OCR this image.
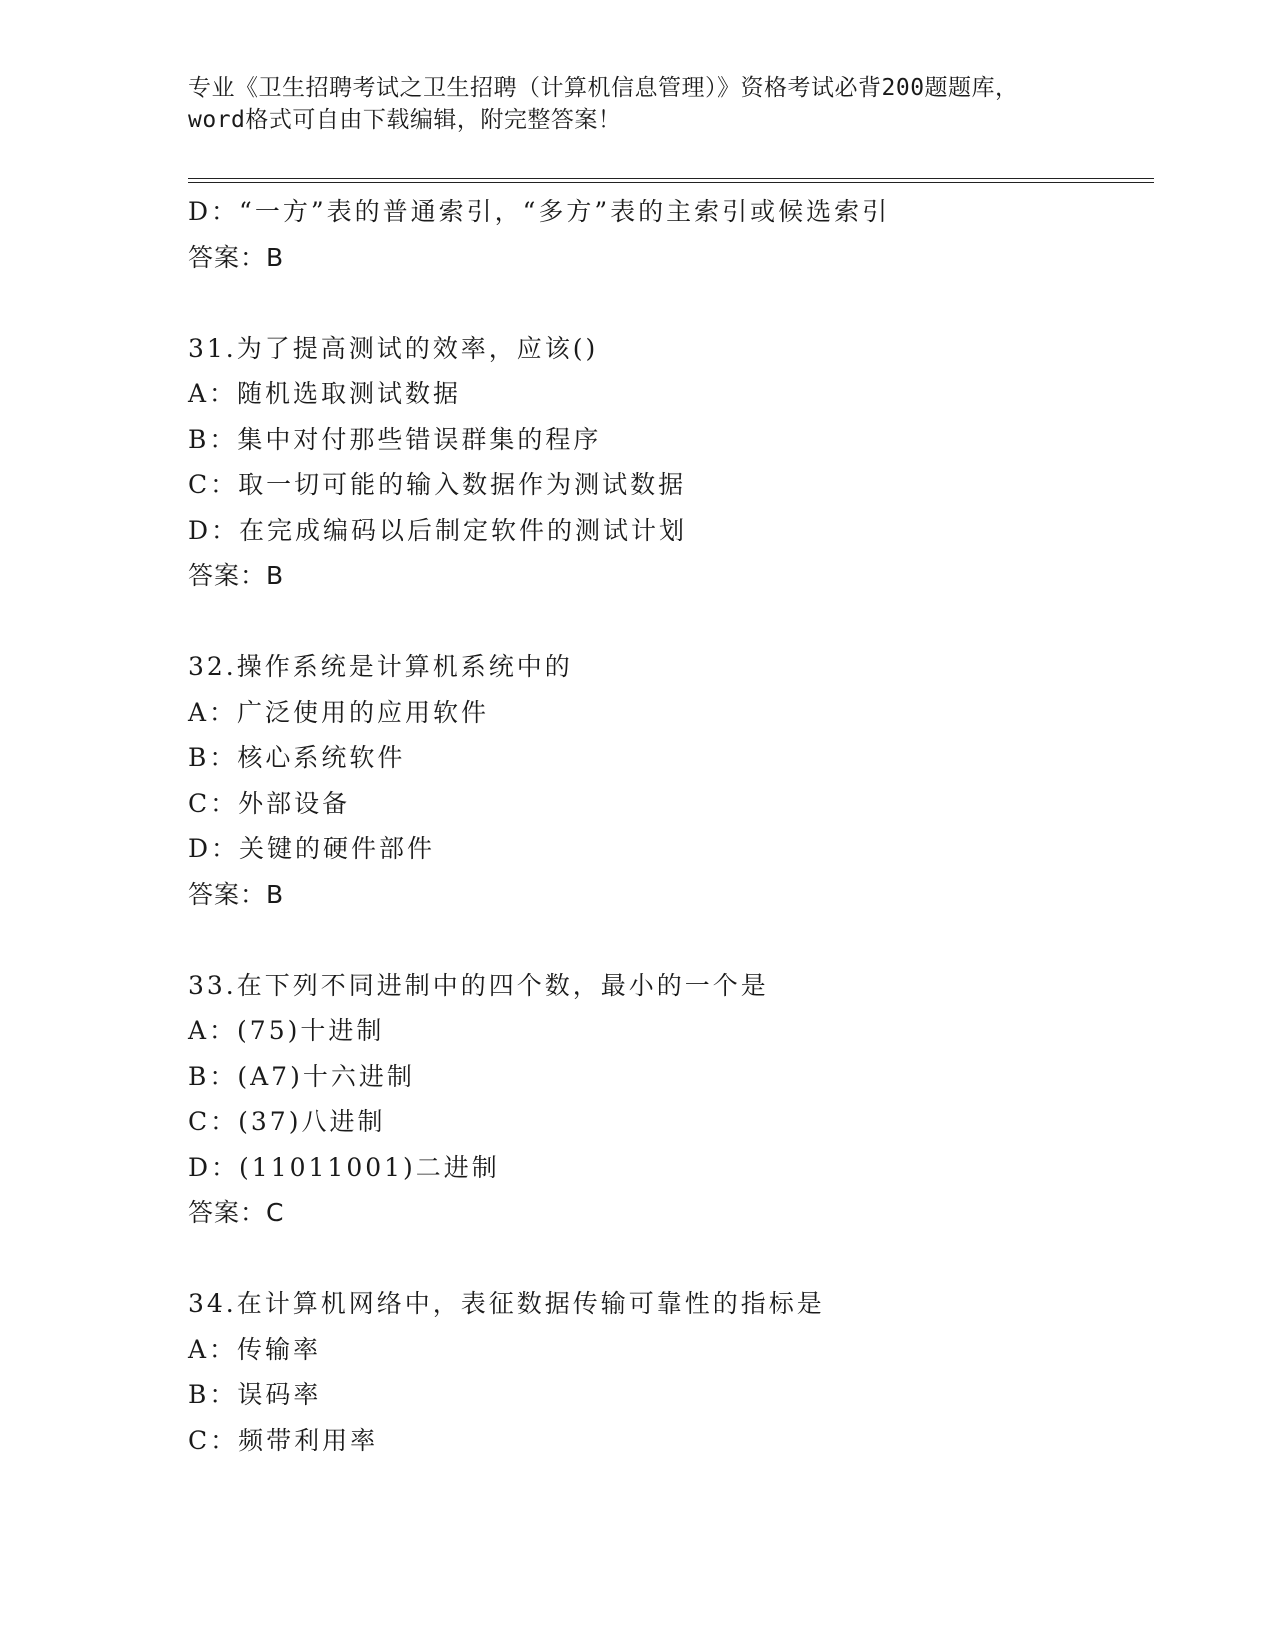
专业《卫生招聘考试之卫生招聘（计算机信息管理）》资格考试必背200题题库，
word格式可自由下载编辑，附完整答案！
D：“一方”表的普通索引，“多方”表的主索引或候选索引
答案：B
31.为了提高测试的效率，应该()
A：随机选取测试数据
B：集中对付那些错误群集的程序
C：取一切可能的输入数据作为测试数据
D：在完成编码以后制定软件的测试计划
答案：B
32.操作系统是计算机系统中的
A：广泛使用的应用软件
B：核心系统软件
C：外部设备
D：关键的硬件部件
答案：B
33.在下列不同进制中的四个数，最小的一个是
A：(75)十进制
B：(A7)十六进制
C：(37)八进制
D：(11011001)二进制
答案：C
34.在计算机网络中，表征数据传输可靠性的指标是
A：传输率
B：误码率
C：频带利用率
